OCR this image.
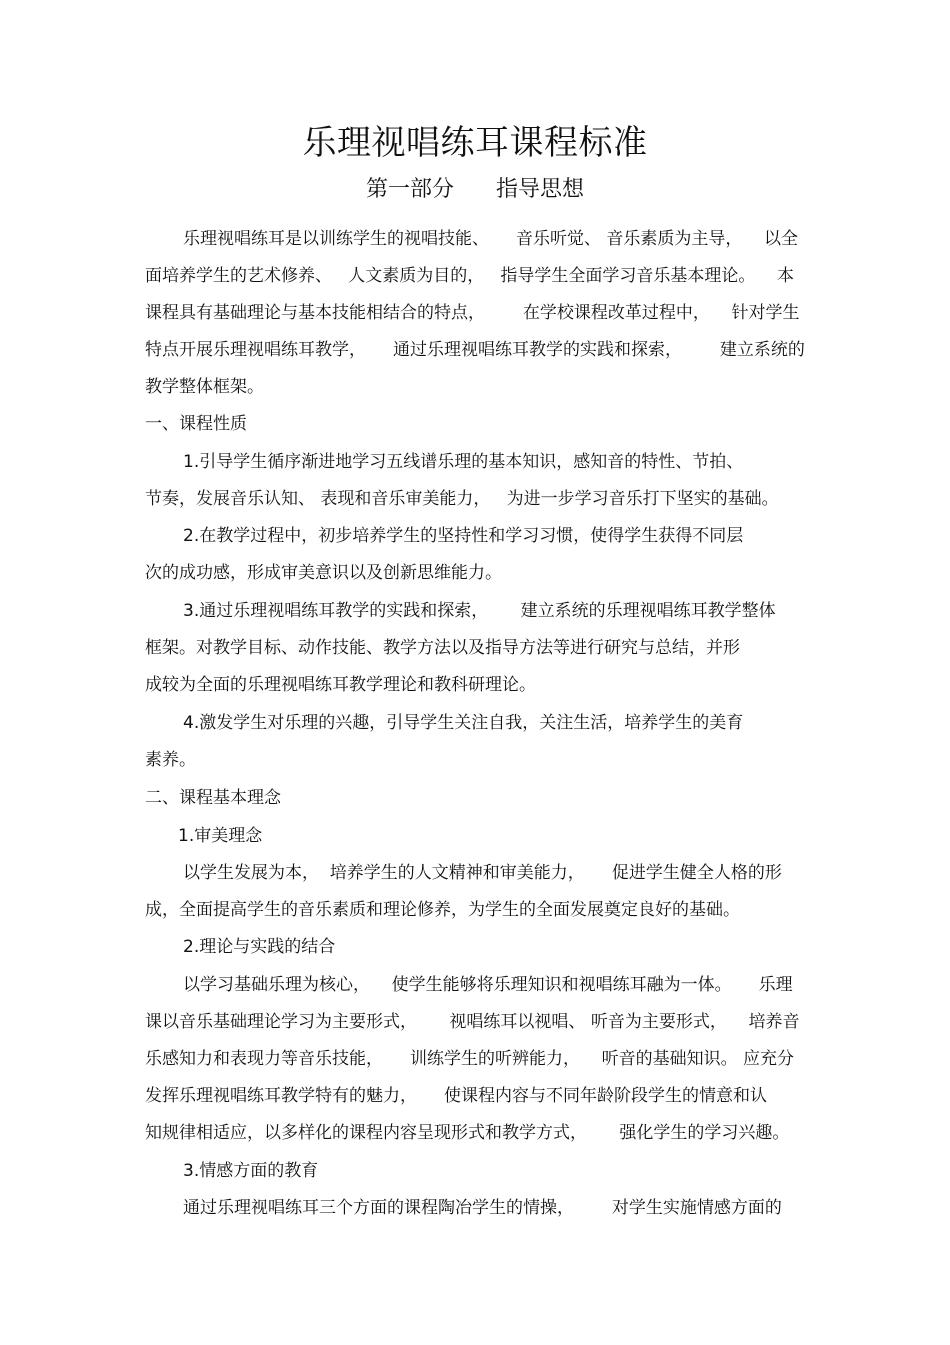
乐理视唱练耳课程标准
第一部分      指导思想
乐理视唱练耳是以训练学生的视唱技能、     音乐听觉、 音乐素质为主导，    以全
面培养学生的艺术修养、   人文素质为目的，   指导学生全面学习音乐基本理论。    本
课程具有基础理论与基本技能相结合的特点，       在学校课程改革过程中，    针对学生
特点开展乐理视唱练耳教学，     通过乐理视唱练耳教学的实践和探索，       建立系统的
教学整体框架。
一、课程性质
1.引导学生循序渐进地学习五线谱乐理的基本知识，感知音的特性、节拍、
节奏，发展音乐认知、 表现和音乐审美能力，   为进一步学习音乐打下坚实的基础。
2.在教学过程中，初步培养学生的坚持性和学习习惯，使得学生获得不同层
次的成功感，形成审美意识以及创新思维能力。
3.通过乐理视唱练耳教学的实践和探索，      建立系统的乐理视唱练耳教学整体
框架。对教学目标、动作技能、教学方法以及指导方法等进行研究与总结，并形
成较为全面的乐理视唱练耳教学理论和教科研理论。
4.激发学生对乐理的兴趣，引导学生关注自我，关注生活，培养学生的美育
素养。
二、课程基本理念
1.审美理念
以学生发展为本，  培养学生的人文精神和审美能力，     促进学生健全人格的形
成，全面提高学生的音乐素质和理论修养，为学生的全面发展奠定良好的基础。
2.理论与实践的结合
以学习基础乐理为核心，    使学生能够将乐理知识和视唱练耳融为一体。     乐理
课以音乐基础理论学习为主要形式，      视唱练耳以视唱、 听音为主要形式，    培养音
乐感知力和表现力等音乐技能，     训练学生的听辨能力，    听音的基础知识。 应充分
发挥乐理视唱练耳教学特有的魅力，     使课程内容与不同年龄阶段学生的情意和认
知规律相适应，以多样化的课程内容呈现形式和教学方式，      强化学生的学习兴趣。
3.情感方面的教育
通过乐理视唱练耳三个方面的课程陶冶学生的情操，       对学生实施情感方面的
